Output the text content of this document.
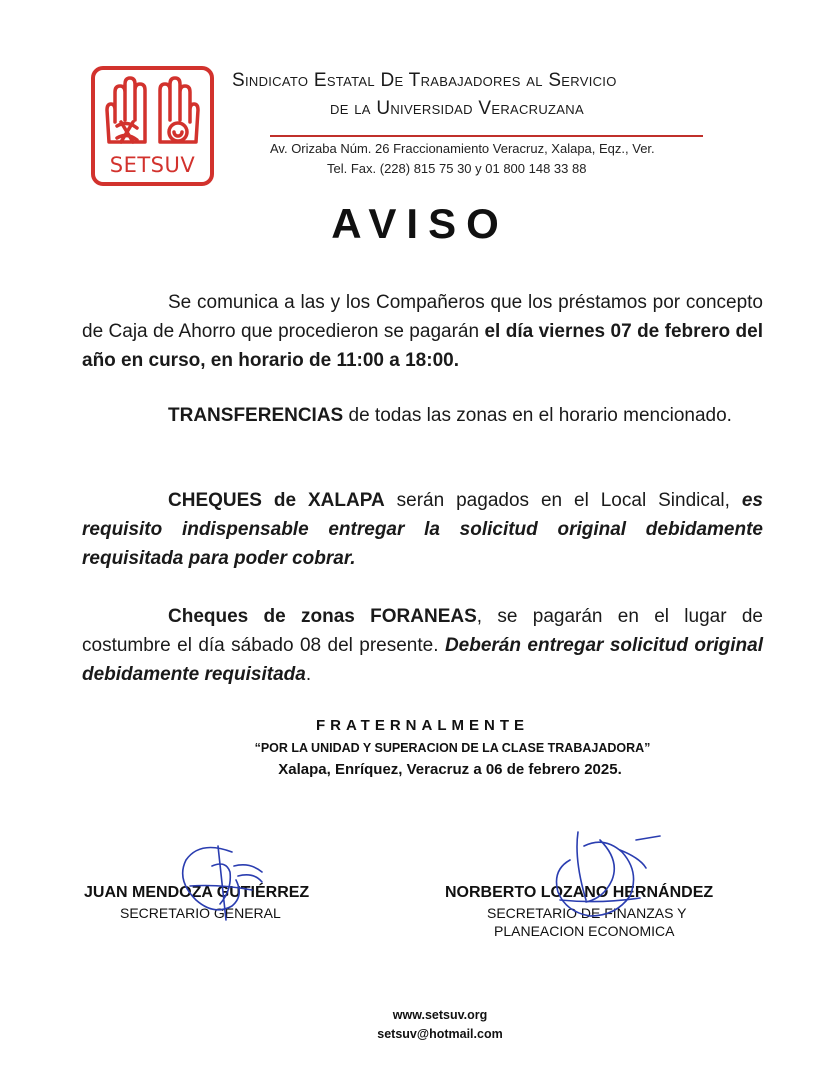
SETSUV
Sindicato Estatal De Trabajadores al Servicio
de la Universidad Veracruzana
Av. Orizaba Núm. 26 Fraccionamiento Veracruz, Xalapa, Eqz., Ver.
Tel. Fax. (228) 815 75 30 y 01 800 148 33 88
AVISO
Se comunica a las y los Compañeros que los préstamos por concepto de Caja de Ahorro que procedieron se pagarán el día viernes 07 de febrero del año en curso, en horario de 11:00 a 18:00.
TRANSFERENCIAS de todas las zonas en el horario mencionado.
CHEQUES de XALAPA serán pagados en el Local Sindical, es requisito indispensable entregar la solicitud original debidamente requisitada para poder cobrar.
Cheques de zonas FORANEAS, se pagarán en el lugar de costumbre el día sábado 08 del presente. Deberán entregar solicitud original debidamente requisitada.
FRATERNALMENTE
“POR LA UNIDAD Y SUPERACION DE LA CLASE TRABAJADORA”
Xalapa, Enríquez, Veracruz a 06 de febrero 2025.
JUAN MENDOZA GUTIÉRREZ
SECRETARIO GENERAL
NORBERTO LOZANO HERNÁNDEZ
SECRETARIO DE FINANZAS Y
PLANEACION ECONOMICA
www.setsuv.org
setsuv@hotmail.com
